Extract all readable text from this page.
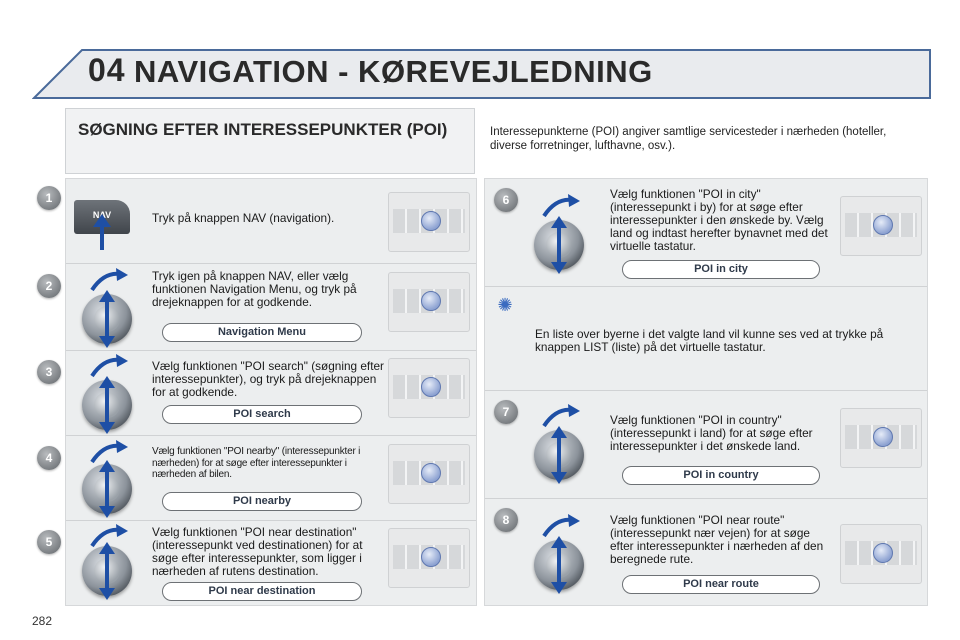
04 NAVIGATION - KØREVEJLEDNING
SØGNING EFTER INTERESSEPUNKTER (POI)	Interessepunkterne (POI) angiver samtlige servicesteder i nærheden (hoteller, diverse forretninger, lufthavne, osv.).
1
Tryk på knappen NAV (navigation).
2
Tryk igen på knappen NAV, eller vælg funktionen Navigation Menu, og tryk på drejeknappen for at godkende.
Navigation Menu
3	Vælg funktionen "POI search" (søgning efter interessepunkter), og tryk på drejeknappen for at godkende.
POI search
4	Vælg funktionen "POI nearby" (interessepunkter i nærheden) for at søge efter interessepunkter i nærheden af bilen.
POI nearby
5
Vælg funktionen "POI near destination" (interessepunkt ved destinationen) for at søge efter interessepunkter, som ligger i nærheden af rutens destination.
POI near destination
6	Vælg funktionen "POI in city" (interessepunkt i by) for at søge efter interessepunkter i den ønskede by. Vælg land og indtast herefter bynavnet med det virtuelle tastatur.
POI in city
✺
En liste over byerne i det valgte land vil kunne ses ved at trykke på knappen LIST (liste) på det virtuelle tastatur.
7
Vælg funktionen "POI in country" (interessepunkt i land) for at søge efter interessepunkter i det ønskede land.
POI in country
8	Vælg funktionen "POI near route" (interessepunkt nær vejen) for at søge efter interessepunkter i nærheden af den beregnede rute.
POI near route
282
